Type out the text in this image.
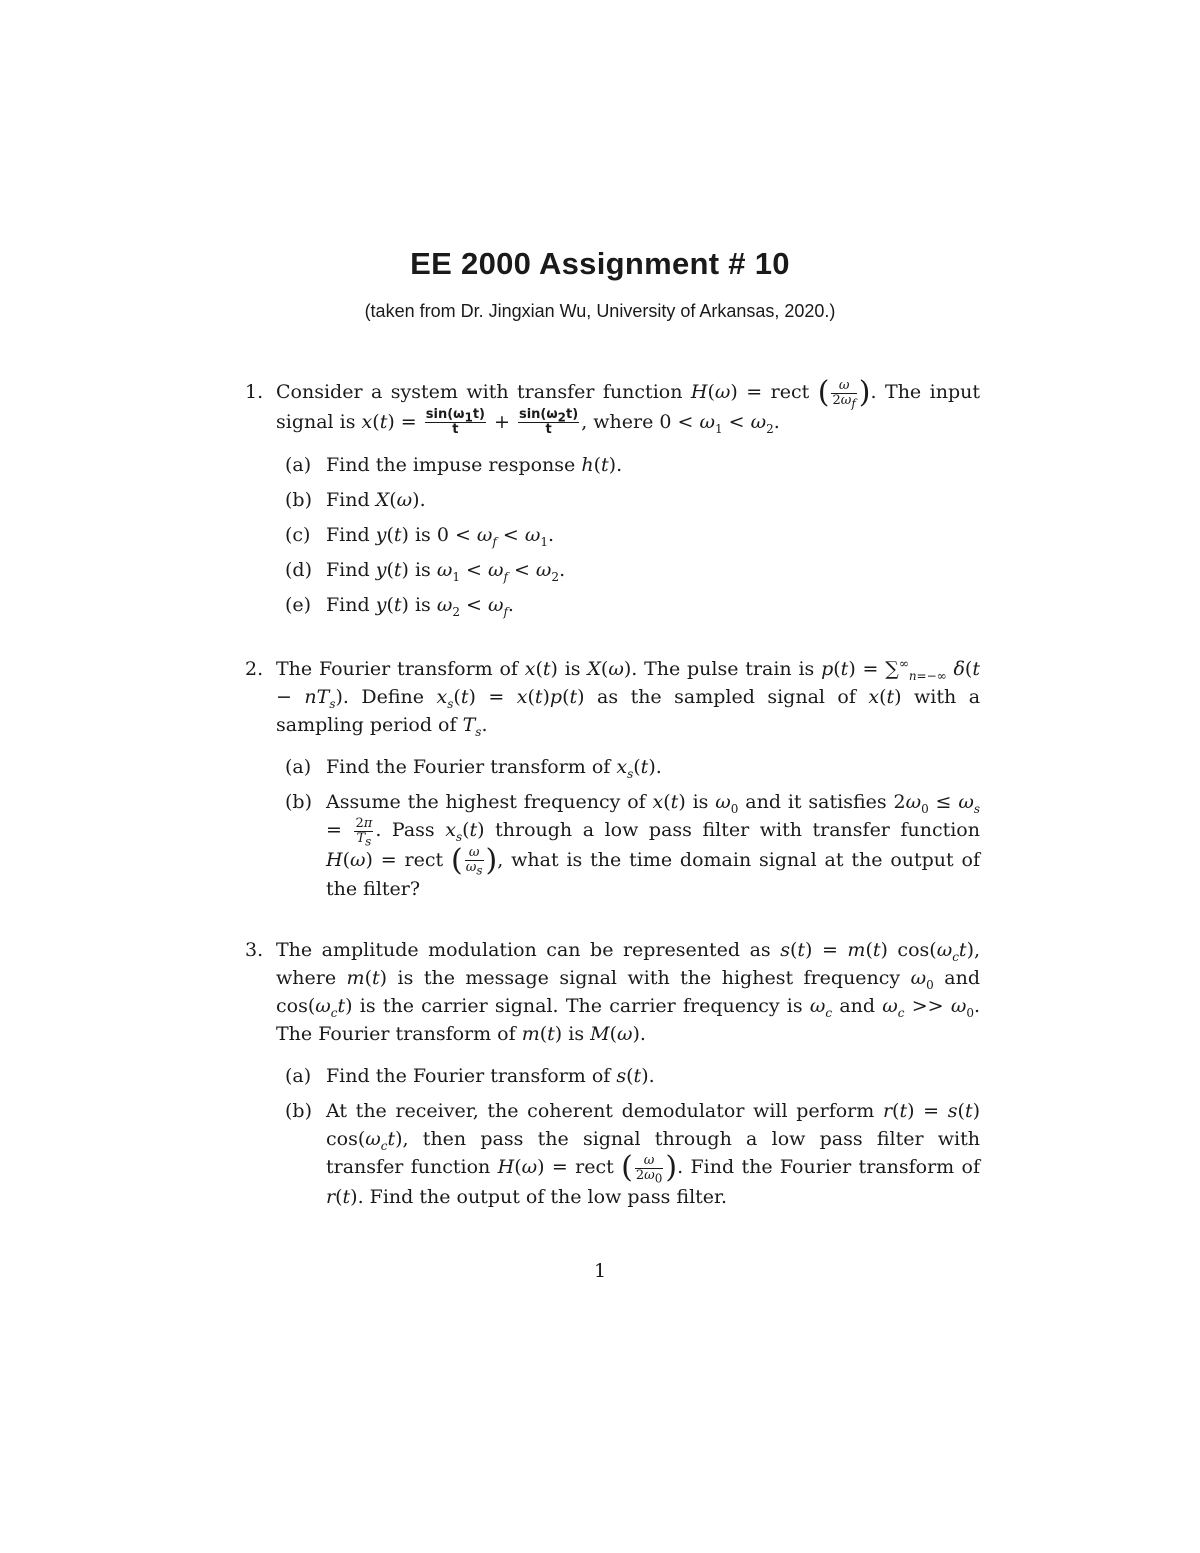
EE 2000 Assignment # 10
(taken from Dr. Jingxian Wu, University of Arkansas, 2020.)
1. Consider a system with transfer function H(ω) = rect ( $\frac{\omega}{2\omega_f}$ ). The input signal is $x(t) = \frac{\sin(\omega_1t)}{t} + \frac{\sin(\omega_2t)}{t}$ , where $0 < \omega_1 < \omega_2$.
(a) Find the impuse response h(t).
(b) Find X(ω).
(c) Find y(t) is $0 < \omega_f < \omega_1$.
(d) Find y(t) is $\omega_1 < \omega_f < \omega_2$.
(e) Find y(t) is $\omega_2 < \omega_f$.
2. The Fourier transform of x(t) is X(ω). The pulse train is $p(t) = \sum^\infty_{n=-\infty}$ $\delta(t - nT_s)$. Define $x_s(t) = x(t)p(t)$ as the sampled signal of x(t) with a sampling period of $T_s$.
(a) Find the Fourier transform of $x_s(t)$.
(b) Assume the highest frequency of x(t) is $\omega_0$ and it satisfies $2\omega_0 \le \omega_s = \frac{2\pi}{T_s}$ . Pass $x_s(t)$ through a low pass filter with transfer function H(ω) = rect ( $\frac{\omega}{\omega_s}$ ), what is the time domain signal at the output of the filter?
3. The amplitude modulation can be represented as s(t) = m(t) $\cos(\omega_ct)$, where m(t) is the message signal with the highest frequency $\omega_0$ and $\cos(\omega_ct)$ is the carrier signal. The carrier frequency is $\omega_c$ and $\omega_c >> \omega_0$. The Fourier transform of m(t) is M(ω).
(a) Find the Fourier transform of s(t).
(b) At the receiver, the coherent demodulator will perform r(t) = s(t) $\cos(\omega_ct)$, then pass the signal through a low pass filter with transfer function H(ω) = rect ( $\frac{\omega}{2\omega_0}$ ). Find the Fourier transform of r(t). Find the output of the low pass filter.
1
